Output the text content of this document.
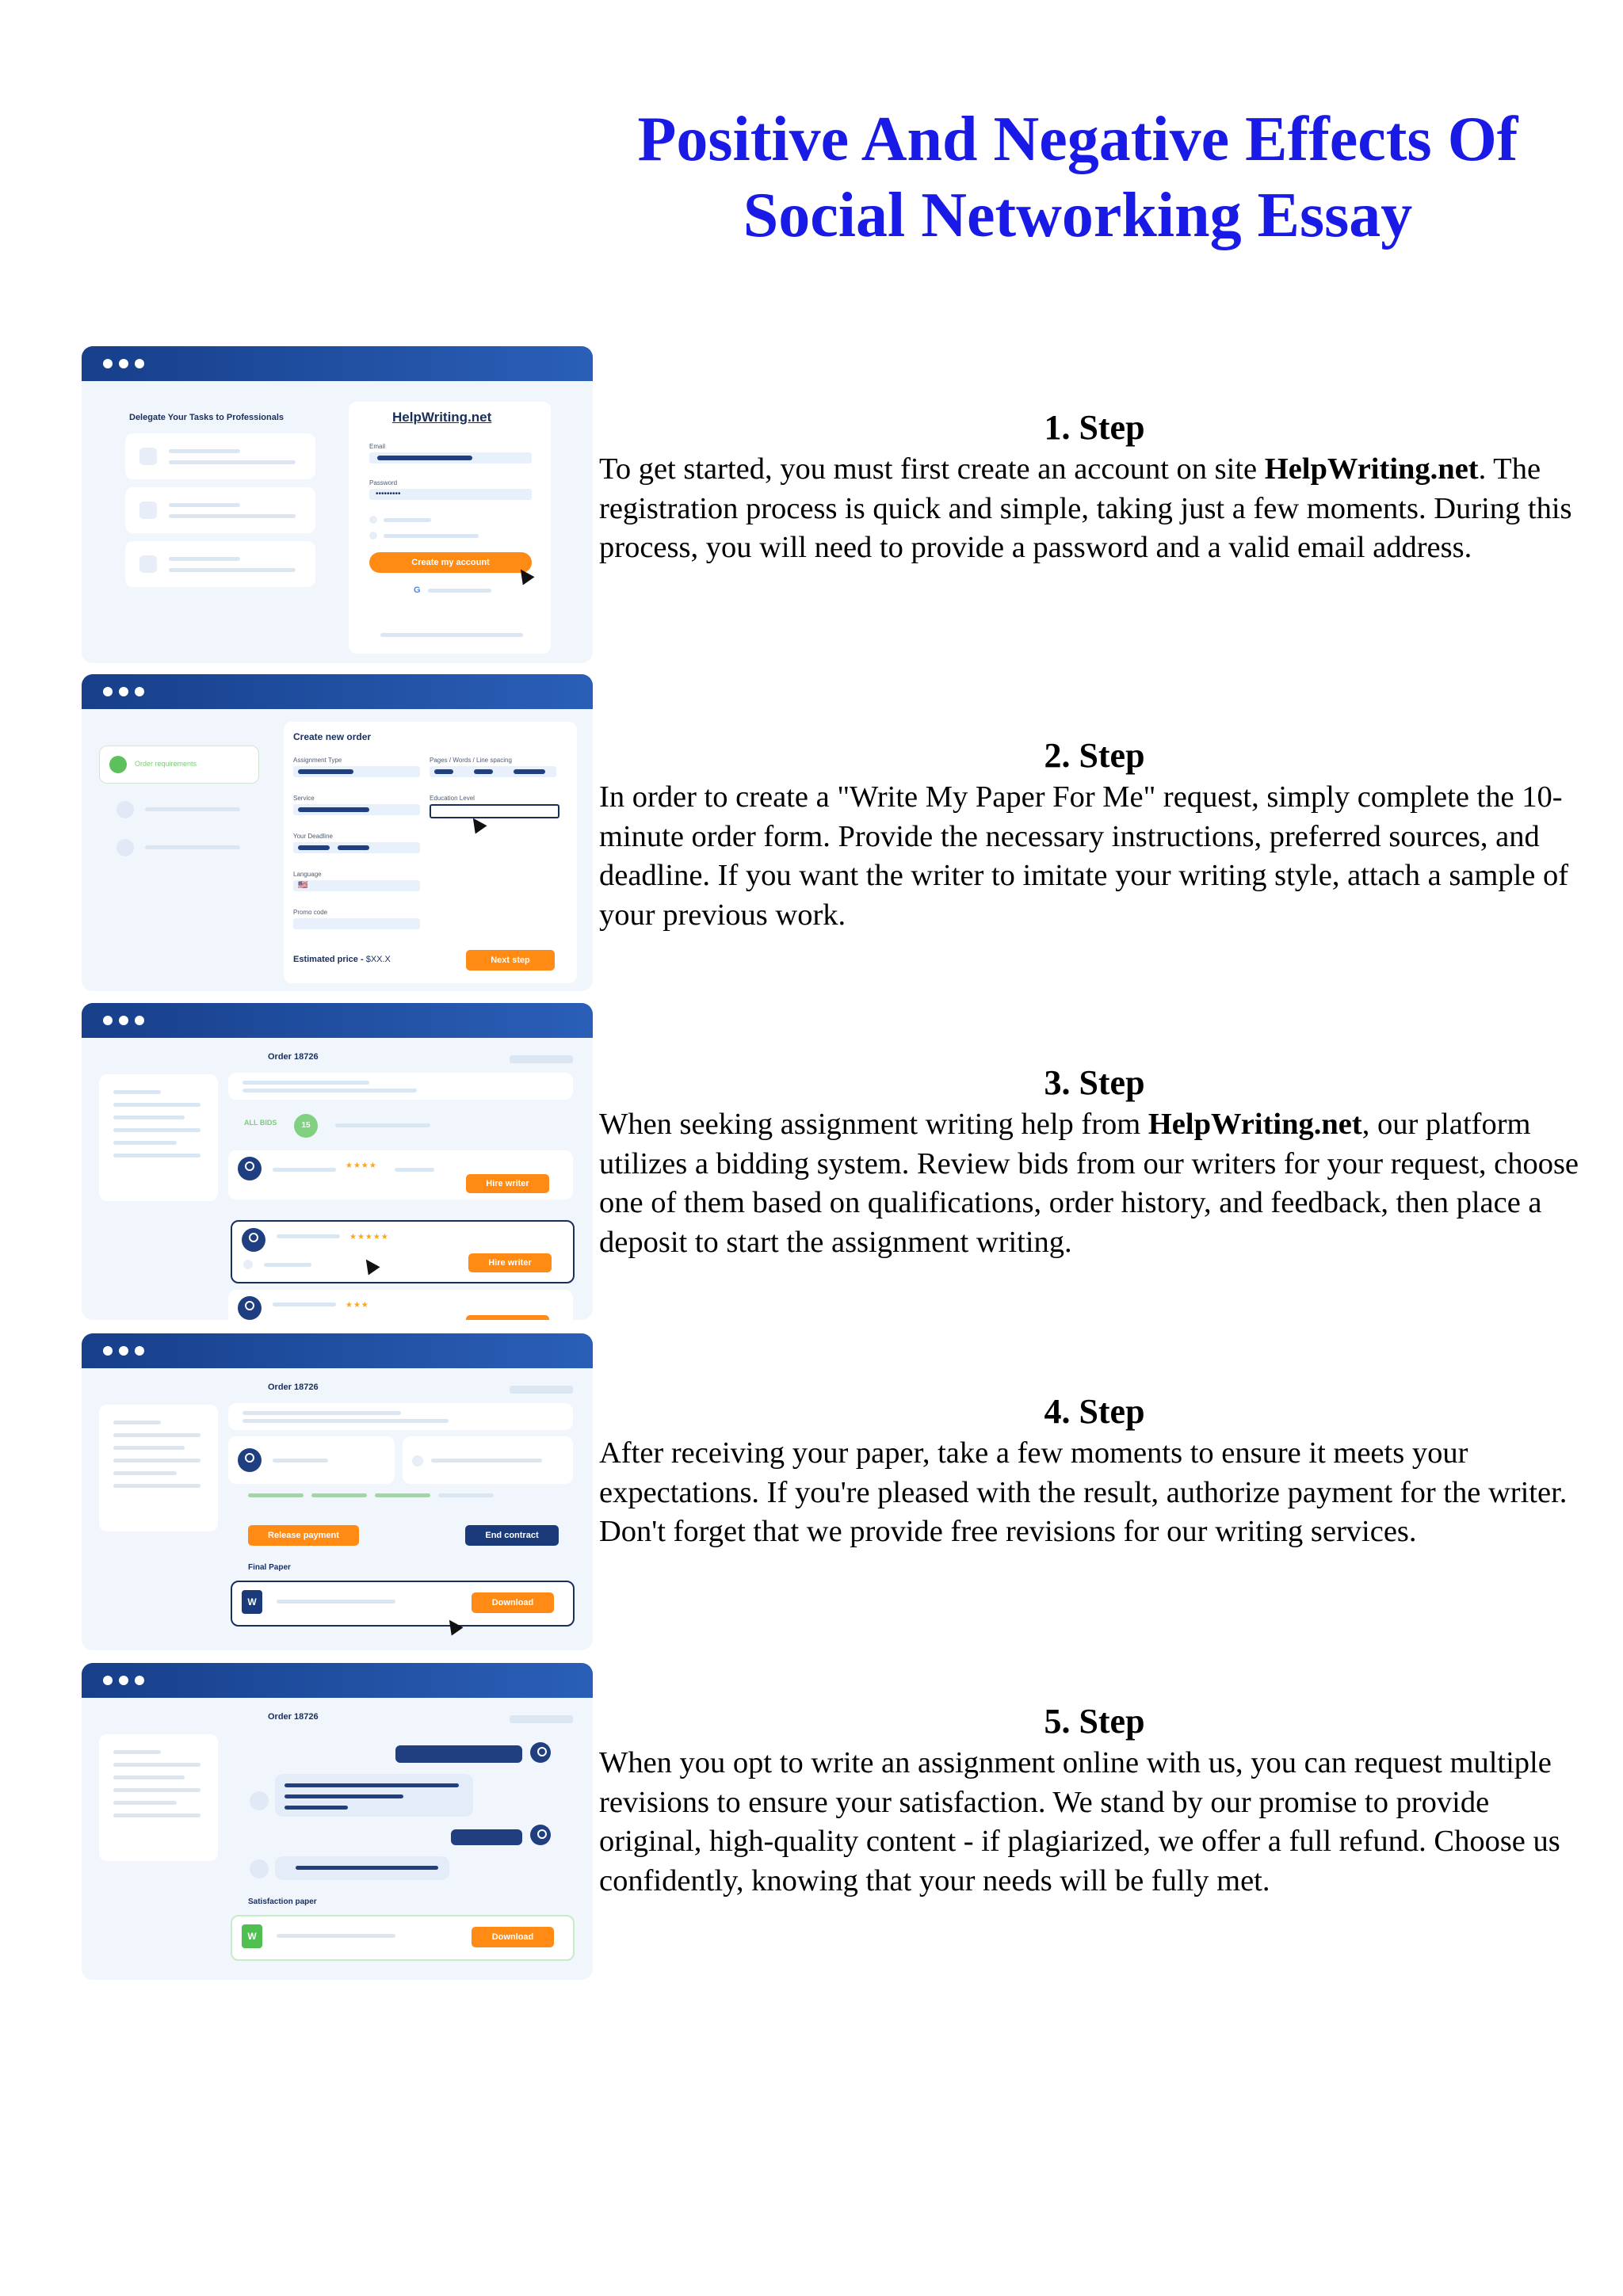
Positive And Negative Effects Of Social Networking Essay
Delegate Your Tasks to Professionals	HelpWriting.net
Email
Password
•••••••••
Create my account
G
1. Step

To get started, you must first create an account on site HelpWriting.net. The registration process is quick and simple, taking just a few moments. During this process, you will need to provide a password and a valid email address.

Order requirements
Create new order
Assignment Type	Pages / Words / Line spacing
Service	Education Level
Your Deadline
Language
🇺🇸
Promo code
Estimated price - $XX.X	Next step
2. Step

In order to create a "Write My Paper For Me" request, simply complete the 10-minute order form. Provide the necessary instructions, preferred sources, and deadline. If you want the writer to imitate your writing style, attach a sample of your previous work.

Order 18726
ALL BIDS	15
★★★★
Hire writer
★★★★★
Hire writer
★★★
3. Step

When seeking assignment writing help from HelpWriting.net, our platform utilizes a bidding system. Review bids from our writers for your request, choose one of them based on qualifications, order history, and feedback, then place a deposit to start the assignment writing.

Order 18726
Release payment	End contract
Final Paper
W	Download
4. Step

After receiving your paper, take a few moments to ensure it meets your expectations. If you're pleased with the result, authorize payment for the writer. Don't forget that we provide free revisions for our writing services.

Order 18726
Satisfaction paper
W	Download
5. Step

When you opt to write an assignment online with us, you can request multiple revisions to ensure your satisfaction. We stand by our promise to provide original, high-quality content - if plagiarized, we offer a full refund. Choose us confidently, knowing that your needs will be fully met.
